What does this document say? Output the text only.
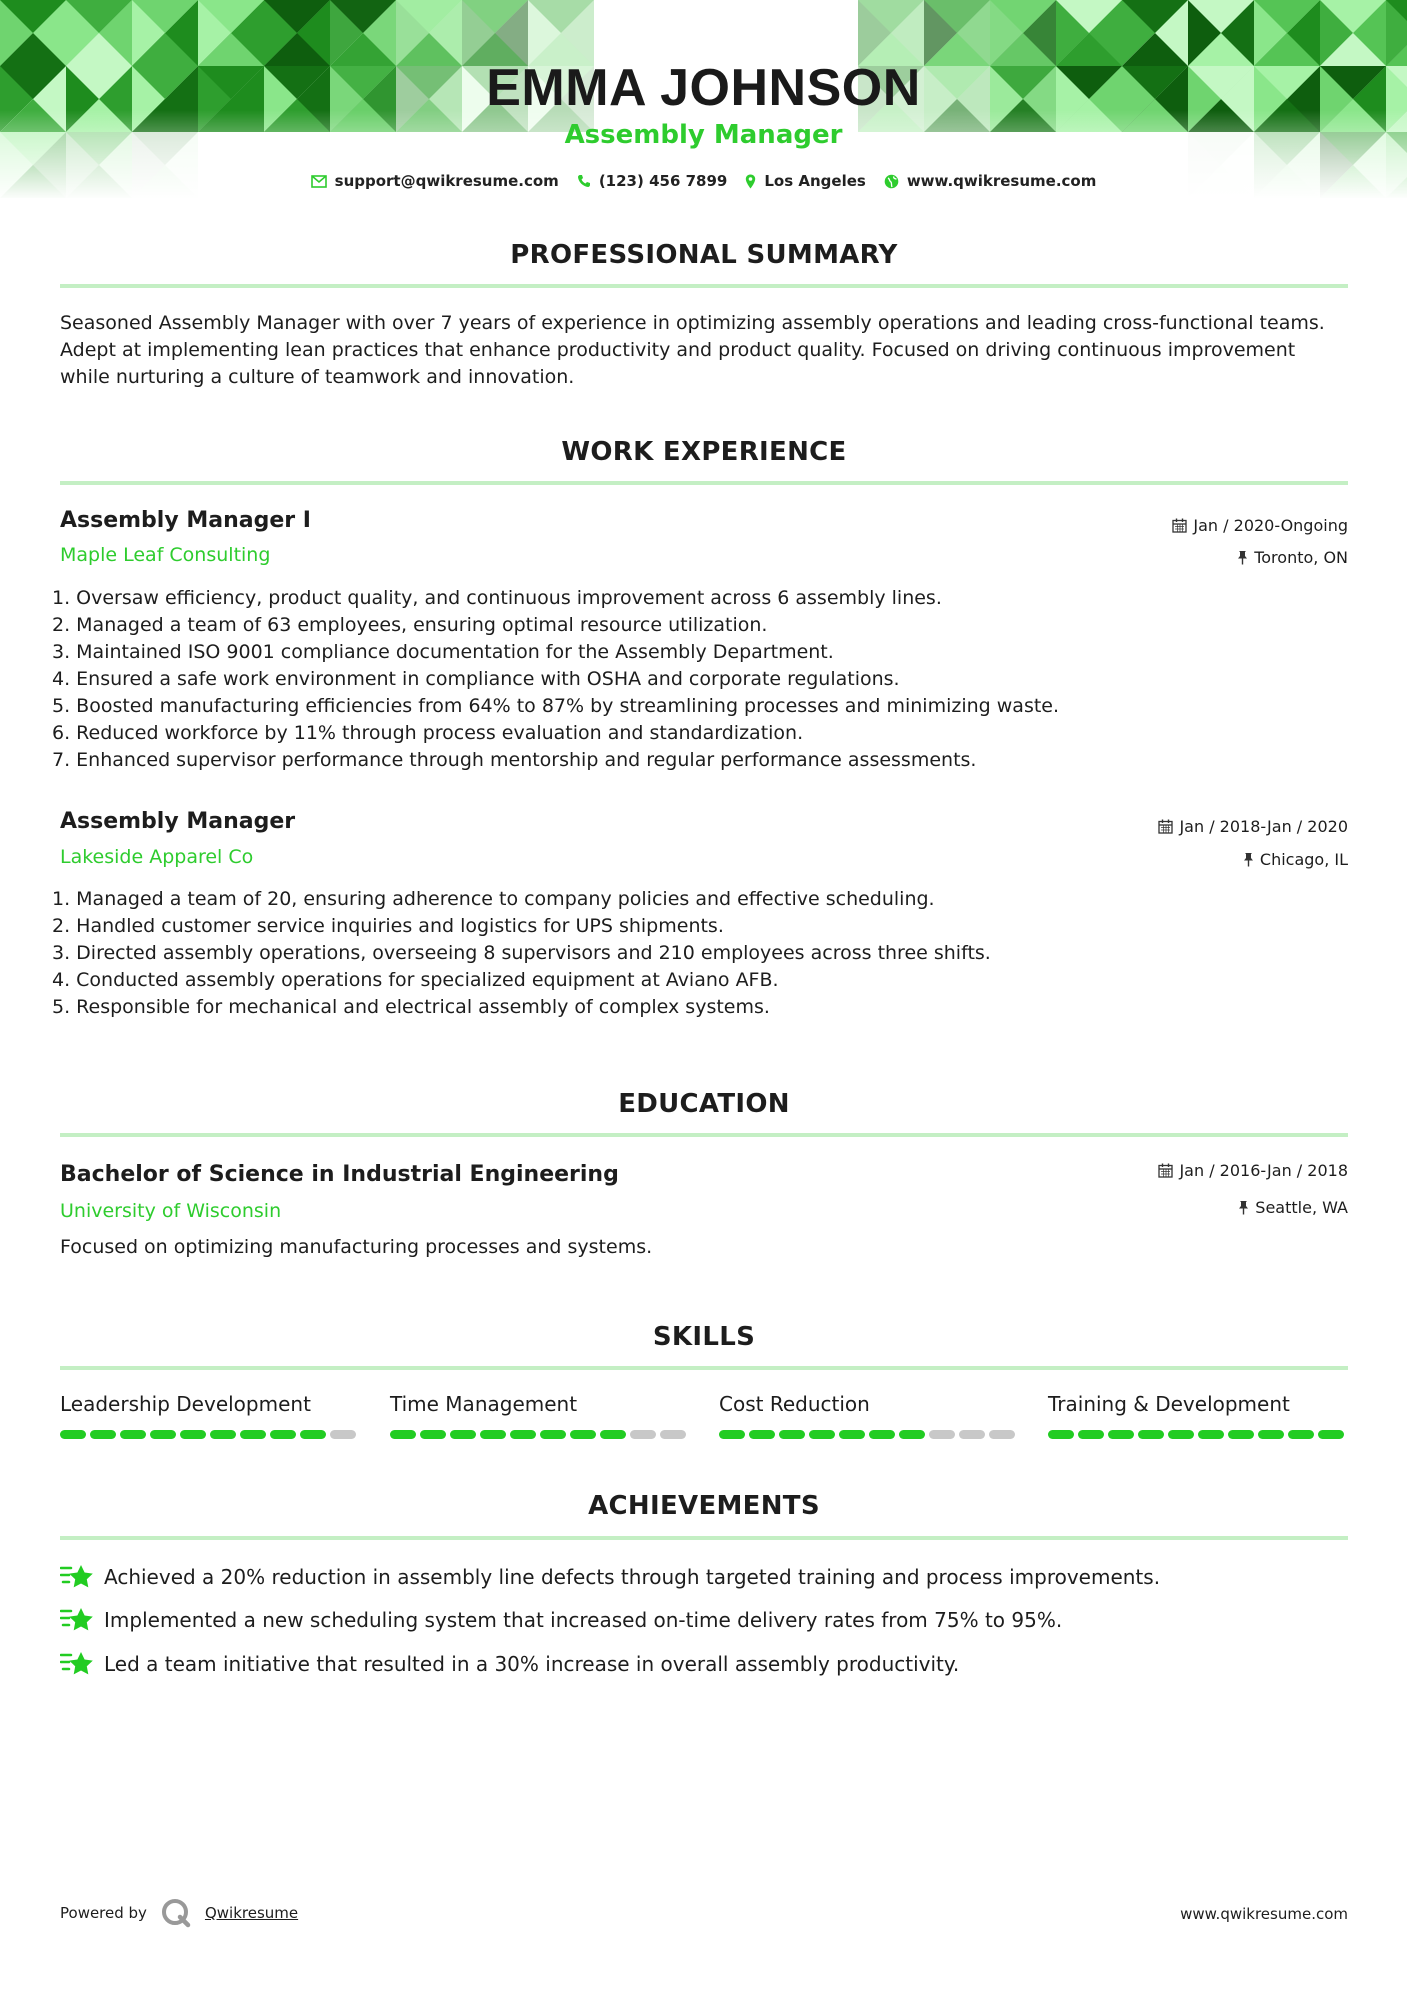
EMMA JOHNSON
Assembly Manager
support@qwikresume.com	(123) 456 7899 Los Angeles	www.qwikresume.com
PROFESSIONAL SUMMARY
Seasoned Assembly Manager with over 7 years of experience in optimizing assembly operations and leading cross-functional teams. Adept at implementing lean practices that enhance productivity and product quality. Focused on driving continuous improvement while nurturing a culture of teamwork and innovation.
WORK EXPERIENCE
Assembly Manager I
Maple Leaf Consulting
Jan / 2020-Ongoing
Toronto, ON
1. Oversaw efficiency, product quality, and continuous improvement across 6 assembly lines.
2. Managed a team of 63 employees, ensuring optimal resource utilization.
3. Maintained ISO 9001 compliance documentation for the Assembly Department.
4. Ensured a safe work environment in compliance with OSHA and corporate regulations.
5. Boosted manufacturing efficiencies from 64% to 87% by streamlining processes and minimizing waste.
6. Reduced workforce by 11% through process evaluation and standardization.
7. Enhanced supervisor performance through mentorship and regular performance assessments.
Assembly Manager
Lakeside Apparel Co
Jan / 2018-Jan / 2020
Chicago, IL
1. Managed a team of 20, ensuring adherence to company policies and effective scheduling.
2. Handled customer service inquiries and logistics for UPS shipments.
3. Directed assembly operations, overseeing 8 supervisors and 210 employees across three shifts.
4. Conducted assembly operations for specialized equipment at Aviano AFB.
5. Responsible for mechanical and electrical assembly of complex systems.
EDUCATION
Bachelor of Science in Industrial Engineering
University of Wisconsin
Jan / 2016-Jan / 2018
Seattle, WA
Focused on optimizing manufacturing processes and systems.
SKILLS
Leadership Development	Time Management	Cost Reduction	Training & Development
ACHIEVEMENTS
Achieved a 20% reduction in assembly line defects through targeted training and process improvements.
Implemented a new scheduling system that increased on-time delivery rates from 75% to 95%.
Led a team initiative that resulted in a 30% increase in overall assembly productivity.
Powered by	Qwikresume	www.qwikresume.com
